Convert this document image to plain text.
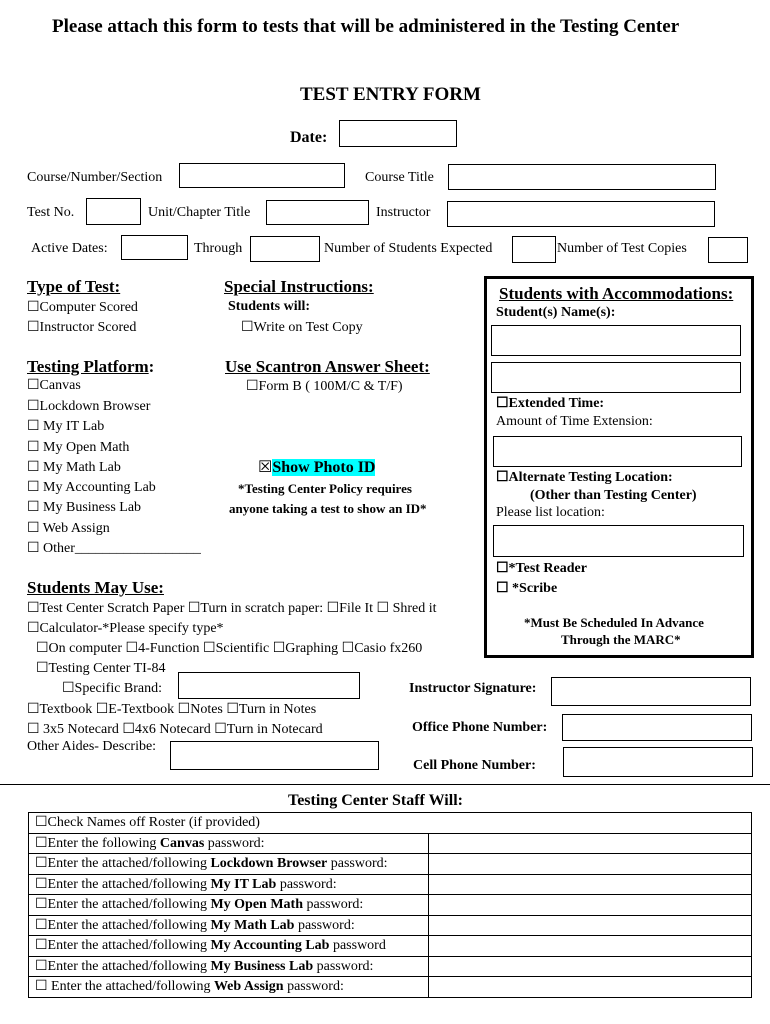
Please attach this form to tests that will be administered in the Testing Center
TEST ENTRY FORM
Date:
Course/Number/Section	Course Title
Test No.	Unit/Chapter Title	Instructor
Active Dates:	Through	Number of Students Expected	Number of Test Copies
Type of Test:
☐Computer Scored
☐Instructor Scored
Special Instructions:
Students will:
☐Write on Test Copy
Testing Platform:
☐Canvas
☐Lockdown Browser
☐ My IT Lab
☐ My Open Math
☐ My Math Lab
☐ My Accounting Lab
☐ My Business Lab
☐ Web Assign
☐ Other__________________
Use Scantron Answer Sheet:
☐Form B ( 100M/C & T/F)
☒Show Photo ID
*Testing Center Policy requires
anyone taking a test to show an ID*
Students with Accommodations:
Student(s) Name(s):
☐Extended Time:
Amount of Time Extension:
☐Alternate Testing Location:
(Other than Testing Center)
Please list location:
☐*Test Reader
☐ *Scribe
*Must Be Scheduled In Advance
Through the MARC*
Students May Use:
☐Test Center Scratch Paper ☐Turn in scratch paper: ☐File It ☐ Shred it
☐Calculator-*Please specify type*
☐On computer ☐4-Function ☐Scientific ☐Graphing ☐Casio fx260
☐Testing Center TI-84
☐Specific Brand:
☐Textbook ☐E-Textbook ☐Notes ☐Turn in Notes
☐ 3x5 Notecard ☐4x6 Notecard ☐Turn in Notecard
Other Aides- Describe:
Instructor Signature:
Office Phone Number:
Cell Phone Number:
Testing Center Staff Will:
☐Check Names off Roster (if provided)	
☐Enter the following Canvas password:	
☐Enter the attached/following Lockdown Browser password:	
☐Enter the attached/following My IT Lab password:	
☐Enter the attached/following My Open Math password:	
☐Enter the attached/following My Math Lab password:	
☐Enter the attached/following My Accounting Lab password	
☐Enter the attached/following My Business Lab password:	
☐ Enter the attached/following Web Assign password:	
